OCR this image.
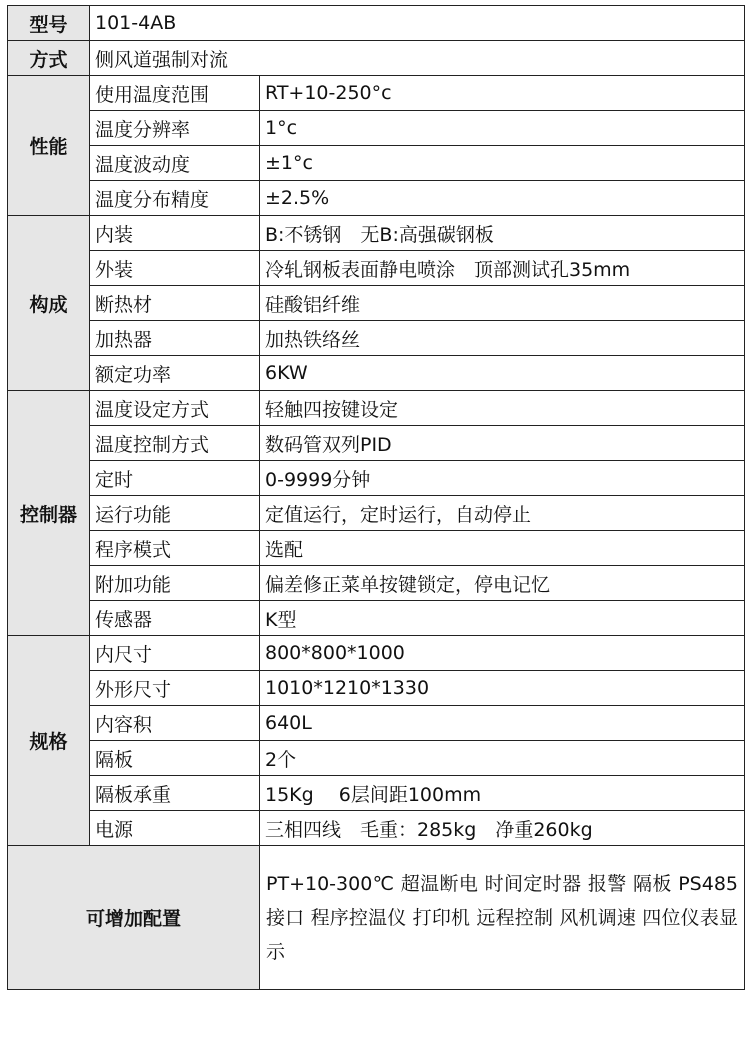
型号	101-4AB	
方式	侧风道强制对流	
性能	使用温度范围	RT+10-250°c
	温度分辨率	1°c
	温度波动度	±1°c
	温度分布精度	±2.5%
构成	内装	B:不锈钢　无B:高强碳钢板
	外装	冷轧钢板表面静电喷涂　顶部测试孔35mm
	断热材	硅酸铝纤维
	加热器	加热铁络丝
	额定功率	6KW
控制器	温度设定方式	轻触四按键设定
	温度控制方式	数码管双列PID
	定时	0-9999分钟
	运行功能	定值运行，定时运行，自动停止
	程序模式	选配
	附加功能	偏差修正菜单按键锁定，停电记忆
	传感器	K型
规格	内尺寸	800*800*1000
	外形尺寸	1010*1210*1330
	内容积	640L
	隔板	2个
	隔板承重	15Kg　 6层间距100mm
	电源	三相四线　毛重：285kg　净重260kg
可增加配置		PT+10-300℃ 超温断电 时间定时器 报警 隔板 PS485接口 程序控温仪 打印机 远程控制 风机调速 四位仪表显示
